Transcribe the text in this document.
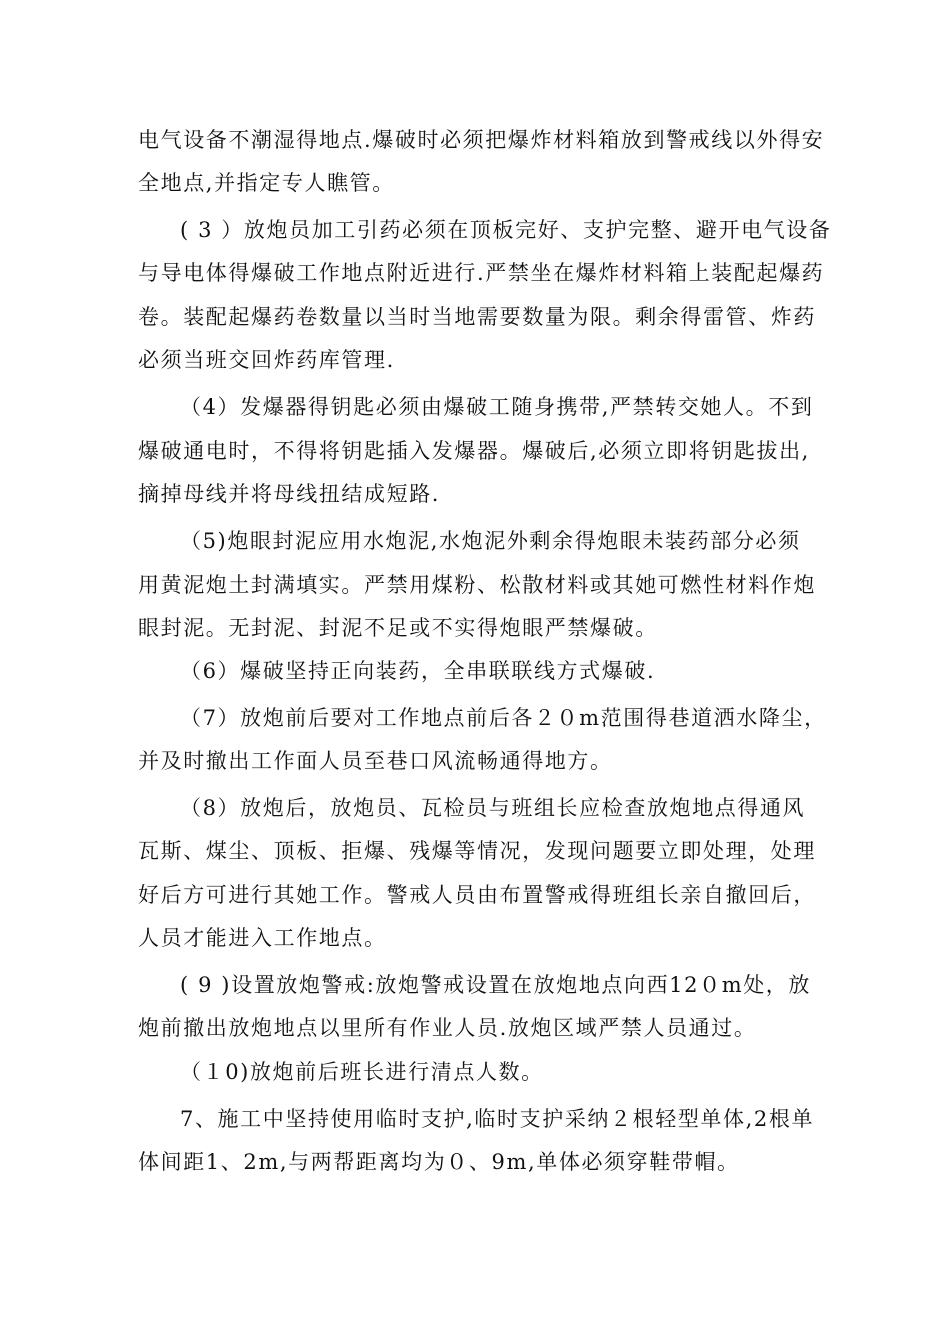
电气设备不潮湿得地点.爆破时必须把爆炸材料箱放到警戒线以外得安
全地点,并指定专人瞧管。
( 3 ）放炮员加工引药必须在顶板完好、支护完整、避开电气设备
与导电体得爆破工作地点附近进行.严禁坐在爆炸材料箱上装配起爆药
卷。装配起爆药卷数量以当时当地需要数量为限。剩余得雷管、炸药
必须当班交回炸药库管理.
（4）发爆器得钥匙必须由爆破工随身携带,严禁转交她人。不到
爆破通电时，不得将钥匙插入发爆器。爆破后,必须立即将钥匙拔出,
摘掉母线并将母线扭结成短路.
（5)炮眼封泥应用水炮泥,水炮泥外剩余得炮眼未装药部分必须
用黄泥炮土封满填实。严禁用煤粉、松散材料或其她可燃性材料作炮
眼封泥。无封泥、封泥不足或不实得炮眼严禁爆破。
（6）爆破坚持正向装药，全串联联线方式爆破.
（7）放炮前后要对工作地点前后各２０m范围得巷道洒水降尘，
并及时撤出工作面人员至巷口风流畅通得地方。
（8）放炮后，放炮员、瓦检员与班组长应检查放炮地点得通风
瓦斯、煤尘、顶板、拒爆、残爆等情况，发现问题要立即处理，处理
好后方可进行其她工作。警戒人员由布置警戒得班组长亲自撤回后，
人员才能进入工作地点。
( 9 )设置放炮警戒:放炮警戒设置在放炮地点向西12０m处，放
炮前撤出放炮地点以里所有作业人员.放炮区域严禁人员通过。
（１0)放炮前后班长进行清点人数。
7、施工中坚持使用临时支护,临时支护采纳２根轻型单体,2根单
体间距1、2m,与两帮距离均为０、9m,单体必须穿鞋带帽。
